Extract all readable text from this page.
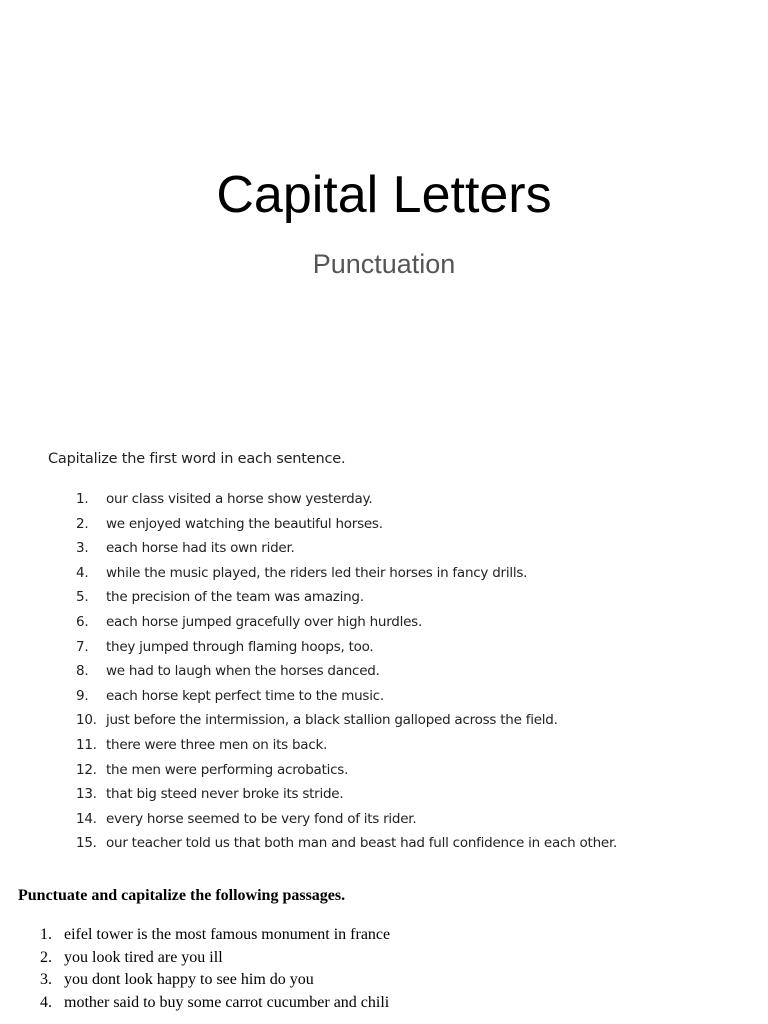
Capital Letters
Punctuation
Capitalize the first word in each sentence.
1. our class visited a horse show yesterday.
2. we enjoyed watching the beautiful horses.
3. each horse had its own rider.
4. while the music played, the riders led their horses in fancy drills.
5. the precision of the team was amazing.
6. each horse jumped gracefully over high hurdles.
7. they jumped through flaming hoops, too.
8. we had to laugh when the horses danced.
9. each horse kept perfect time to the music.
10. just before the intermission, a black stallion galloped across the field.
11. there were three men on its back.
12. the men were performing acrobatics.
13. that big steed never broke its stride.
14. every horse seemed to be very fond of its rider.
15. our teacher told us that both man and beast had full confidence in each other.
Punctuate and capitalize the following passages.
1. eifel tower is the most famous monument in france
2. you look tired are you ill
3. you dont look happy to see him do you
4. mother said to buy some carrot cucumber and chili
